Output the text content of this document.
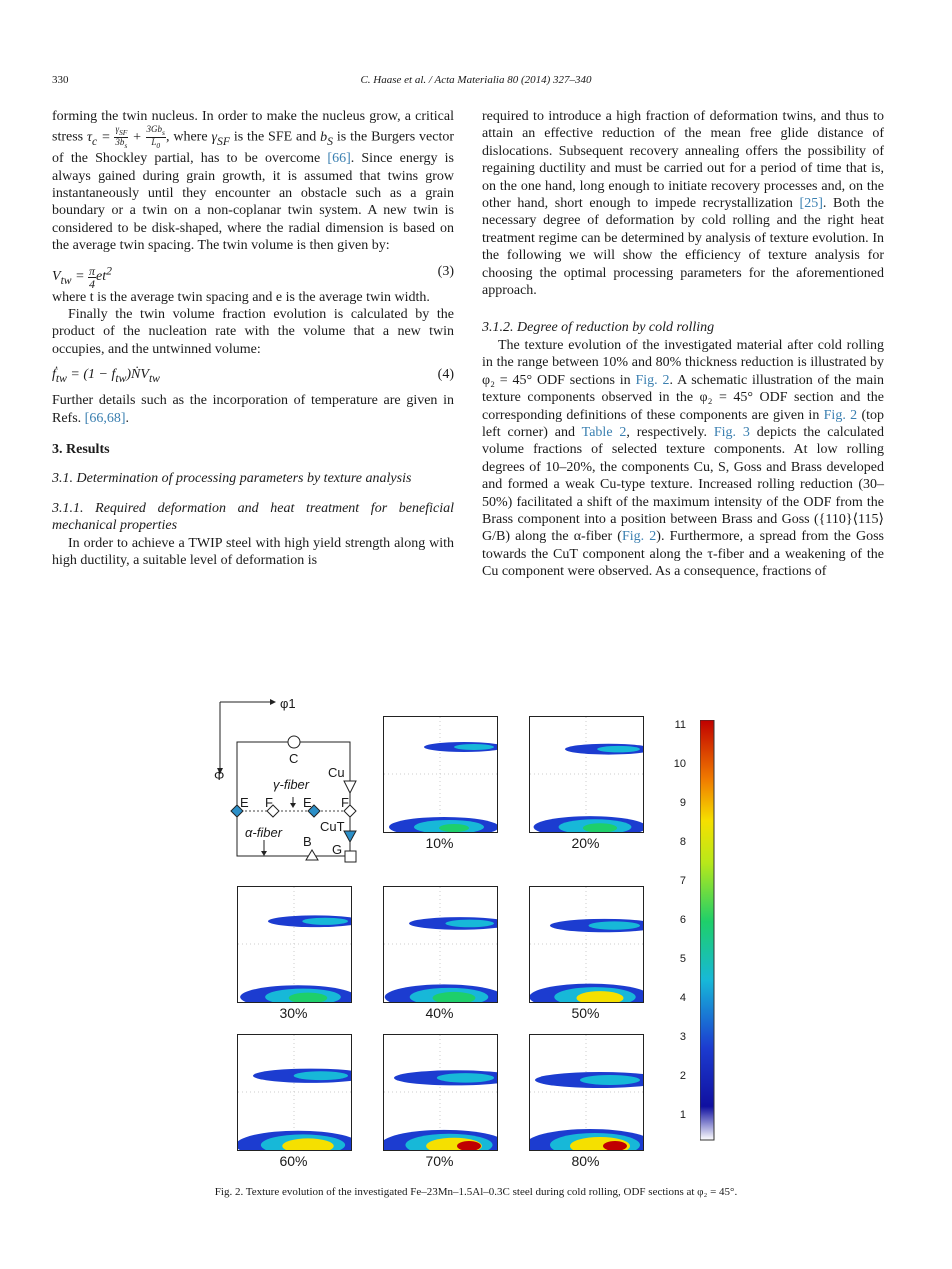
330	C. Haase et al. / Acta Materialia 80 (2014) 327–340

forming the twin nucleus. In order to make the nucleus grow, a critical stress $\tau_c = \frac{\gamma_{SF}}{3b_s} + \frac{3Gb_s}{L_0}$ , where $\gamma_{SF}$ is the SFE and $b_S$ is the Burgers vector of the Shockley partial, has to be overcome [66]. Since energy is always gained during grain growth, it is assumed that twins grow instantaneously until they encounter an obstacle such as a grain boundary or a twin on a non-coplanar twin system. A new twin is considered to be disk-shaped, where the radial dimension is based on the average twin spacing. The twin volume is then given by:

$V_{tw} = \frac{\pi}{4} et^2$	(3)

where t is the average twin spacing and e is the average twin width.

Finally the twin volume fraction evolution is calculated by the product of the nucleation rate with the volume that a new twin occupies, and the untwinned volume:

ḟ$_{tw}$ = $(1 - f_{tw})ṄV_{tw}$	(4)

Further details such as the incorporation of temperature are given in Refs. [66,68].

3. Results

3.1. Determination of processing parameters by texture analysis

3.1.1. Required deformation and heat treatment for beneficial mechanical properties

In order to achieve a TWIP steel with high yield strength along with high ductility, a suitable level of deformation is

required to introduce a high fraction of deformation twins, and thus to attain an effective reduction of the mean free glide distance of dislocations. Subsequent recovery annealing offers the possibility of regaining ductility and must be carried out for a period of time that is, on the one hand, long enough to initiate recovery processes and, on the other hand, short enough to impede recrystallization [25]. Both the necessary degree of deformation by cold rolling and the right heat treatment regime can be determined by analysis of texture evolution. In the following we will show the efficiency of texture analysis for choosing the optimal processing parameters for the aforementioned approach.

3.1.2. Degree of reduction by cold rolling

The texture evolution of the investigated material after cold rolling in the range between 10% and 80% thickness reduction is illustrated by φ₂ = 45° ODF sections in Fig. 2. A schematic illustration of the main texture components observed in the φ₂ = 45° ODF section and the corresponding definitions of these components are given in Fig. 2 (top left corner) and Table 2, respectively. Fig. 3 depicts the calculated volume fractions of selected texture components. At low rolling degrees of 10–20%, the components Cu, S, Goss and Brass developed and formed a weak Cu-type texture. Increased rolling reduction (30–50%) facilitated a shift of the maximum intensity of the ODF from the Brass component into a position between Brass and Goss ({110}⟨115⟩ G/B) along the α-fiber (Fig. 2). Furthermore, a spread from the Goss towards the CuT component along the τ-fiber and a weakening of the Cu component were observed. As a consequence, fractions of

φ1
Φ
C
Cu
γ-fiber
E F E F
α-fiber	CuT
B
G	10%	20%
30%	40%	50%
60%	70%	80%
11
10
9
8
7
6
5
4
3
2
1
Fig. 2. Texture evolution of the investigated Fe–23Mn–1.5Al–0.3C steel during cold rolling, ODF sections at φ₂ = 45°.
